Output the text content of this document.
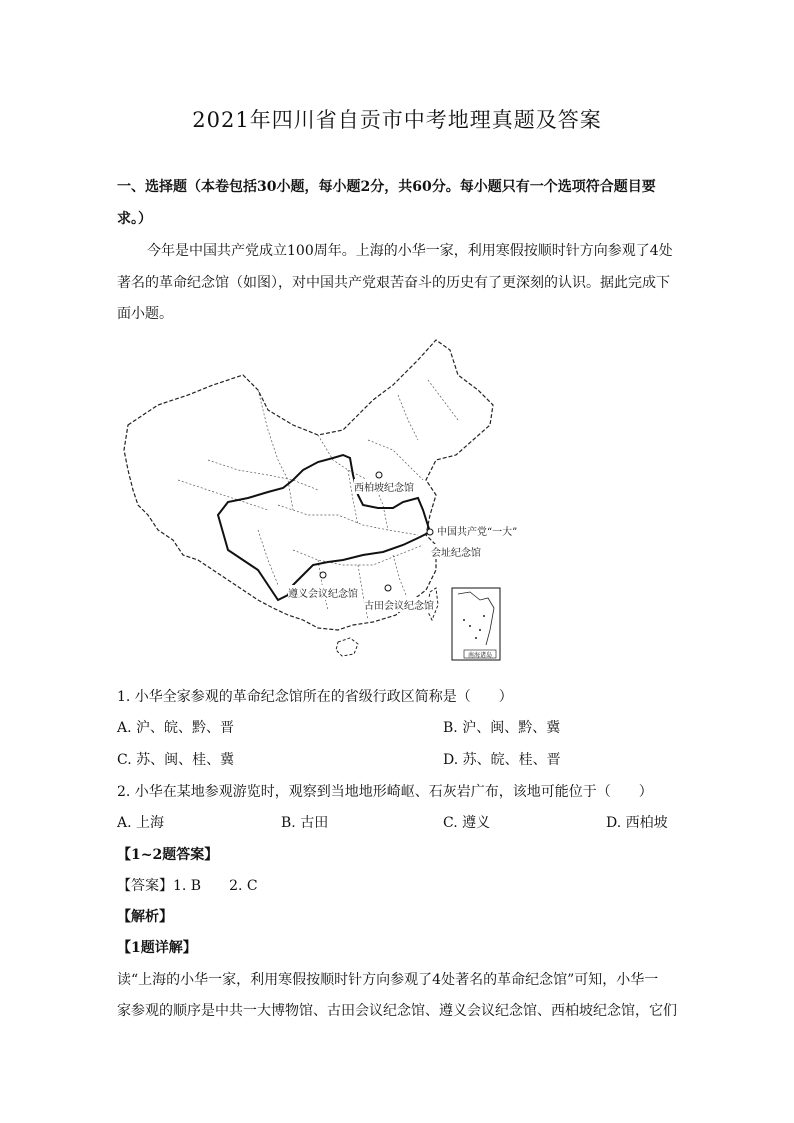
2021年四川省自贡市中考地理真题及答案
一、选择题（本卷包括30小题，每小题2分，共60分。每小题只有一个选项符合题目要
求。）
今年是中国共产党成立100周年。上海的小华一家，利用寒假按顺时针方向参观了4处
著名的革命纪念馆（如图），对中国共产党艰苦奋斗的历史有了更深刻的认识。据此完成下
面小题。
西柏坡纪念馆
中国共产党“一大”
会址纪念馆
遵义会议纪念馆
古田会议纪念馆
南海诸岛
1. 小华全家参观的革命纪念馆所在的省级行政区简称是（　　）
A. 沪、皖、黔、晋	B. 沪、闽、黔、冀
C. 苏、闽、桂、冀	D. 苏、皖、桂、晋
2. 小华在某地参观游览时，观察到当地地形崎岖、石灰岩广布，该地可能位于（　　）
A. 上海	B. 古田	C. 遵义	D. 西柏坡
【1~2题答案】
【答案】1. B　　2. C
【解析】
【1题详解】
读“上海的小华一家，利用寒假按顺时针方向参观了4处著名的革命纪念馆”可知，小华一
家参观的顺序是中共一大博物馆、古田会议纪念馆、遵义会议纪念馆、西柏坡纪念馆，它们
